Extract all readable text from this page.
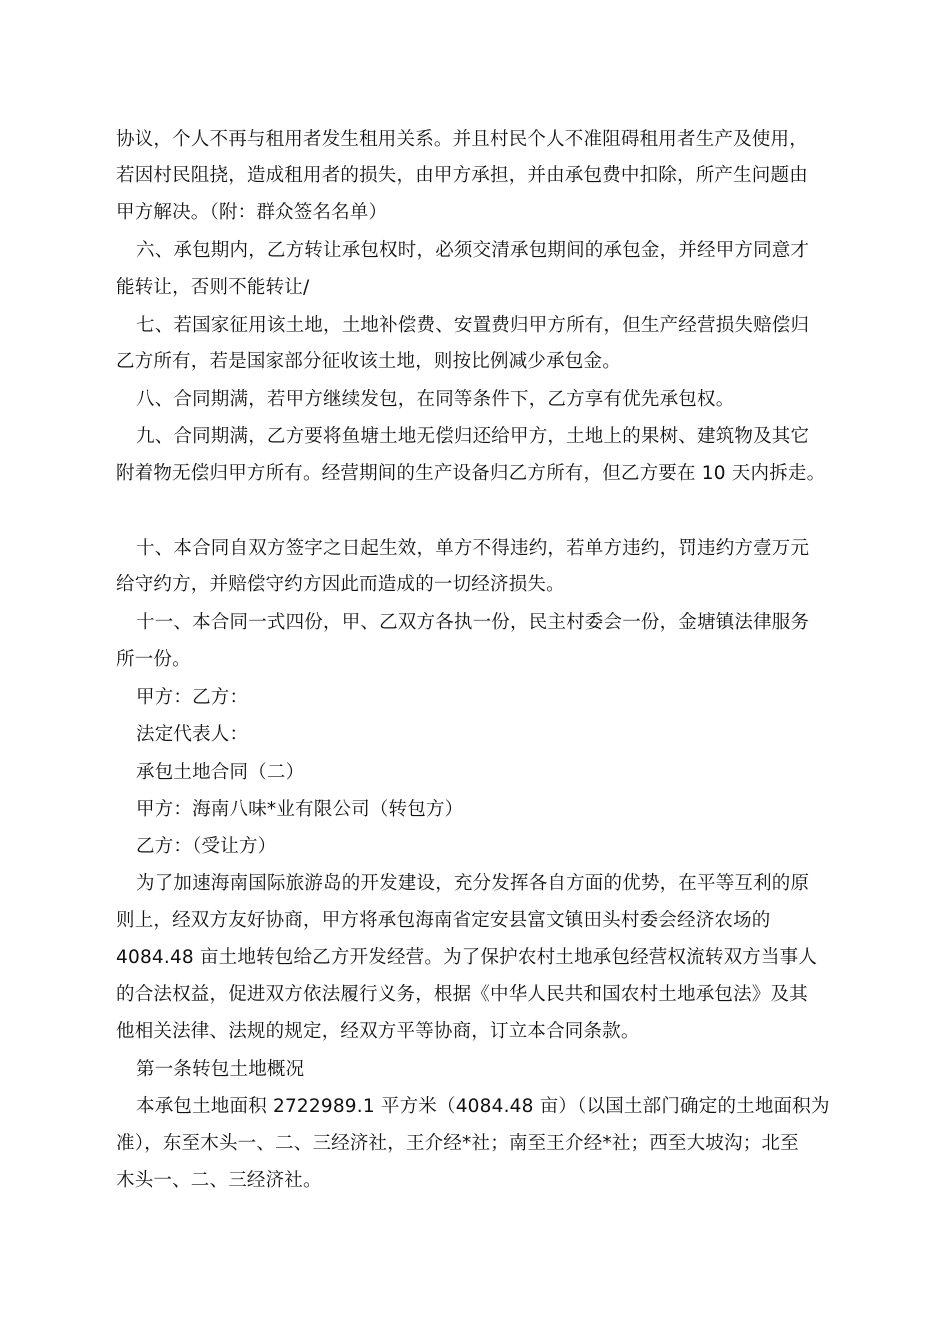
协议，个人不再与租用者发生租用关系。并且村民个人不准阻碍租用者生产及使用，
若因村民阻挠，造成租用者的损失，由甲方承担，并由承包费中扣除，所产生问题由
甲方解决。（附：群众签名名单）
六、承包期内，乙方转让承包权时，必须交清承包期间的承包金，并经甲方同意才
能转让，否则不能转让/
七、若国家征用该土地，土地补偿费、安置费归甲方所有，但生产经营损失赔偿归
乙方所有，若是国家部分征收该土地，则按比例减少承包金。
八、合同期满，若甲方继续发包，在同等条件下，乙方享有优先承包权。
九、合同期满，乙方要将鱼塘土地无偿归还给甲方，土地上的果树、建筑物及其它
附着物无偿归甲方所有。经营期间的生产设备归乙方所有，但乙方要在 10 天内拆走。
十、本合同自双方签字之日起生效，单方不得违约，若单方违约，罚违约方壹万元
给守约方，并赔偿守约方因此而造成的一切经济损失。
十一、本合同一式四份，甲、乙双方各执一份，民主村委会一份，金塘镇法律服务
所一份。
甲方：乙方：
法定代表人：
承包土地合同（二）
甲方：海南八味*业有限公司（转包方）
乙方：（受让方）
为了加速海南国际旅游岛的开发建设，充分发挥各自方面的优势，在平等互利的原
则上，经双方友好协商，甲方将承包海南省定安县富文镇田头村委会经济农场的
4084.48 亩土地转包给乙方开发经营。为了保护农村土地承包经营权流转双方当事人
的合法权益，促进双方依法履行义务，根据《中华人民共和国农村土地承包法》及其
他相关法律、法规的规定，经双方平等协商，订立本合同条款。
第一条转包土地概况
本承包土地面积 2722989.1 平方米（4084.48 亩）（以国土部门确定的土地面积为
准），东至木头一、二、三经济社，王介经*社；南至王介经*社；西至大坡沟；北至
木头一、二、三经济社。
